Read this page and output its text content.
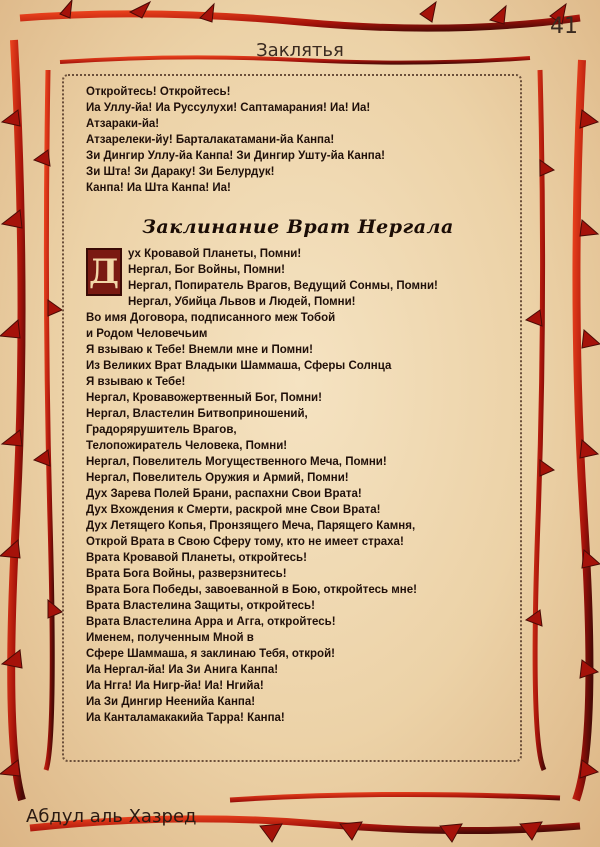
41
Заклятья
Откройтесь! Откройтесь!
Иа Уллу-йа! Иа Руссулухи! Саптамарания! Иа! Иа!
Атзараки-йа!
Атзарелеки-йу! Барталакатамани-йа Канпа!
Зи Дингир Уллу-йа Канпа! Зи Дингир Ушту-йа Канпа!
Зи Шта! Зи Даракy! Зи Белурдук!
Канпа! Иа Шта Канпа! Иа!
Заклинание Врат Нергала
Д ух Кровавой Планеты, Помни!
Нергал, Бог Войны, Помни!
Нергал, Попиратель Врагов, Ведущий Сонмы, Помни!
Нергал, Убийца Львов и Людей, Помни!
Во имя Договора, подписанного меж Тобой
и Родом Человечьим
Я взываю к Тебе! Внемли мне и Помни!
Из Великих Врат Владыки Шаммаша, Сферы Солнца
Я взываю к Тебе!
Нергал, Кровавожертвенный Бог, Помни!
Нергал, Властелин Битвоприношений,
Градорярушитель Врагов,
Телопожиратель Человека, Помни!
Нергал, Повелитель Могущественного Меча, Помни!
Нергал, Повелитель Оружия и Армий, Помни!
Дух Зарева Полей Брани, распахни Свои Врата!
Дух Вхождения к Смерти, раскрой мне Свои Врата!
Дух Летящего Копья, Пронзящего Меча, Парящего Камня,
Открой Врата в Свою Сферу тому, кто не имеет страха!
Врата Кровавой Планеты, откройтесь!
Врата Бога Войны, разверзнитесь!
Врата Бога Победы, завоеванной в Бою, откройтесь мне!
Врата Властелина Защиты, откройтесь!
Врата Властелина Арра и Агга, откройтесь!
Именем, полученным Мной в
Сфере Шаммаша, я заклинаю Тебя, открой!
Иа Нергал-йа! Иа Зи Анига Канпа!
Иа Нгга! Иа Нигр-йа! Иа! Нгийа!
Иа Зи Дингир Неенийа Канпа!
Иа Канталамакакийа Тарра! Канпа!
Абдул аль Хазред
